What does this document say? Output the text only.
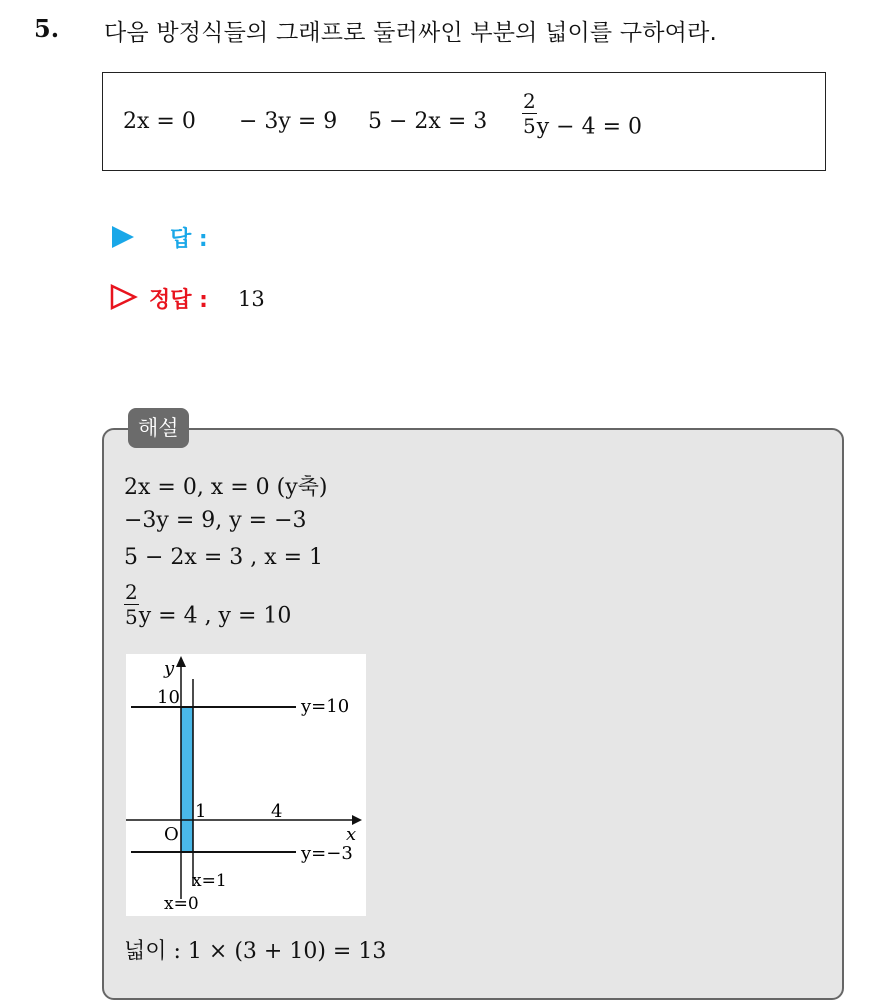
5. 다음 방정식들의 그래프로 둘러싸인 부분의 넓이를 구하여라.
2x = 0 − 3y = 9 $5 - 2x = 3 \frac{2}{5}$ y − 4 = 0
답 :
정답 : 13
해설
2x = 0, x = 0 (y축)
−3y = 9, y = −3
5 − 2x = 3 , x = 1
$\frac{2}{5}$ y = 4 , y = 10
y
10	y=10
1	4
O	x
y=−3
x=1
x=0
넓이 : 1 × (3 + 10) = 13
